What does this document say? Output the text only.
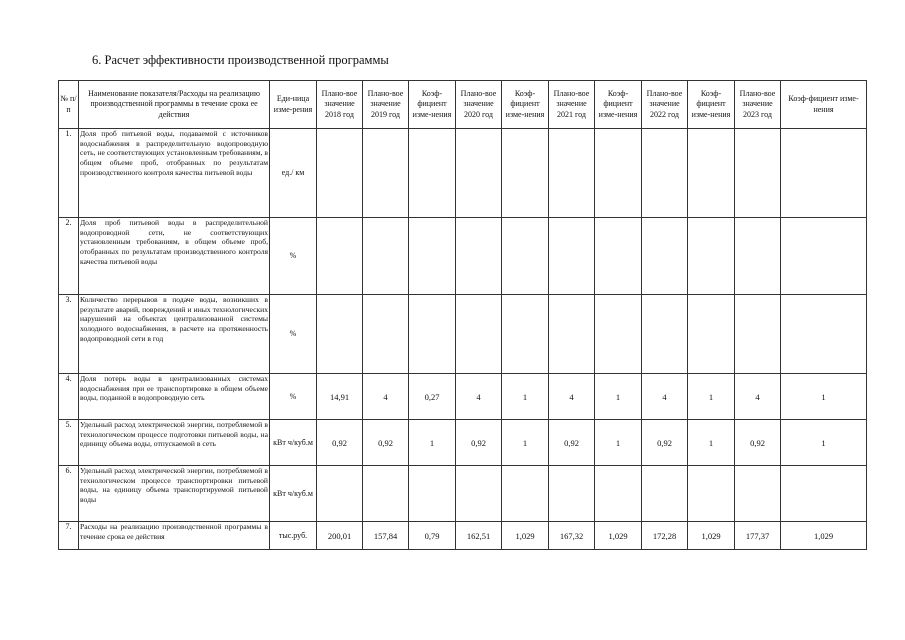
6. Расчет эффективности производственной программы
№ п/п	Наименование показателя/Расходы на реализацию производственной программы в течение срока ее действия	Еди-ница изме-рения	Плано-вое значение 2018 год	Плано-вое значение 2019 год	Коэф-фициент изме-нения	Плано-вое значение 2020 год	Коэф-фициент изме-нения	Плано-вое значение 2021 год	Коэф-фициент изме-нения	Плано-вое значение 2022 год	Коэф-фициент изме-нения	Плано-вое значение 2023 год	Коэф-фициент изме-нения
1.	Доля проб питьевой воды, подаваемой с источников водоснабжения в распределительную водопроводную сеть, не соответствующих установленным требованиям, в общем объеме проб, отобранных по результатам производственного контроля качества питьевой воды	ед./ км											
2.	Доля проб питьевой воды в распределительной водопроводной сети, не соответствующих установленным требованиям, в общем объеме проб, отобранных по результатам производственного контроля качества питьевой воды	%											
3.	Количество перерывов в подаче воды, возникших в результате аварий, повреждений и иных технологических нарушений на объектах централизованной системы холодного водоснабжения, в расчете на протяженность водопроводной сети в год	%											
4.	Доля потерь воды в централизованных системах водоснабжения при ее транспортировке в общем объеме воды, поданной в водопроводную сеть	%	14,91	4	0,27	4	1	4	1	4	1	4	1
5.	Удельный расход электрической энергии, потребляемой в технологическом процессе подготовки питьевой воды, на единицу объема воды, отпускаемой в сеть	кВт ч/куб.м	0,92	0,92	1	0,92	1	0,92	1	0,92	1	0,92	1
6.	Удельный расход электрической энергии, потребляемой в технологическом процессе транспортировки питьевой воды, на единицу объема транспортируемой питьевой воды	кВт ч/куб.м											
7.	Расходы на реализацию производственной программы в течение срока ее действия	тыс.руб.	200,01	157,84	0,79	162,51	1,029	167,32	1,029	172,28	1,029	177,37	1,029
